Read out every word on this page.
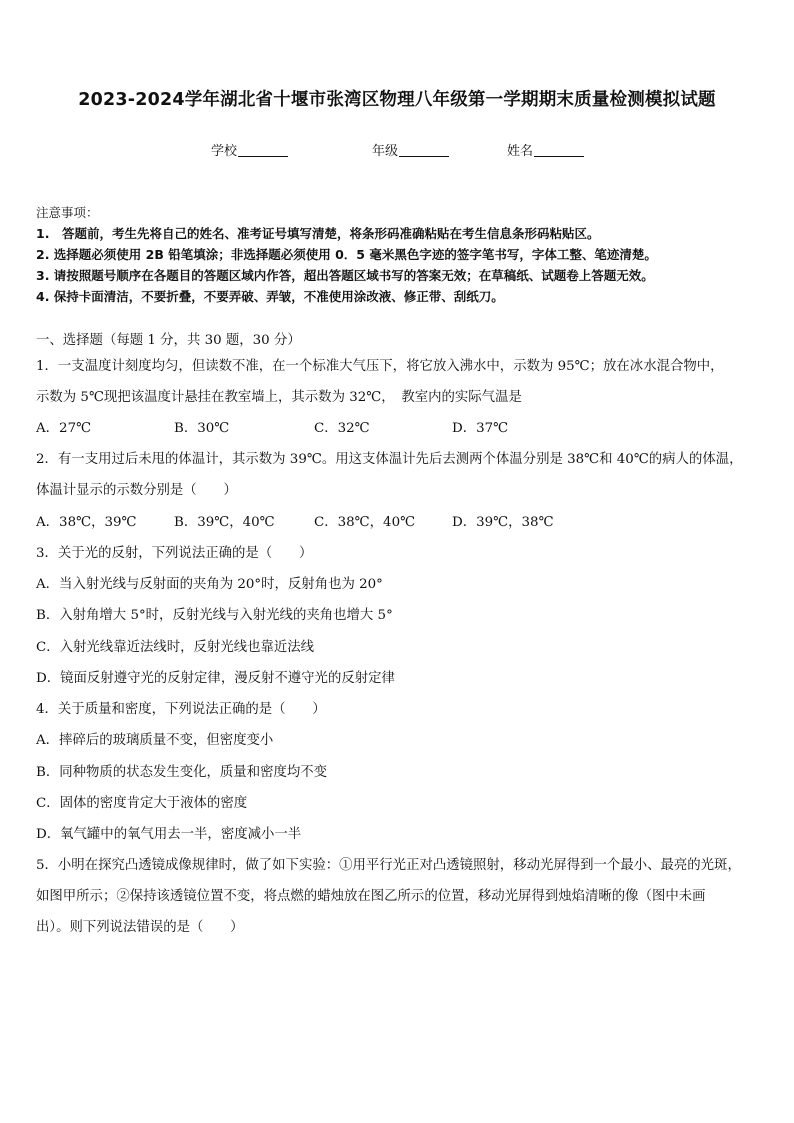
2023-2024学年湖北省十堰市张湾区物理八年级第一学期期末质量检测模拟试题
学校	年级	姓名
注意事项：
1.　答题前，考生先将自己的姓名、准考证号填写清楚，将条形码准确粘贴在考生信息条形码粘贴区。
2. 选择题必须使用 2B 铅笔填涂；非选择题必须使用 0．5 毫米黑色字迹的签字笔书写，字体工整、笔迹清楚。
3. 请按照题号顺序在各题目的答题区域内作答，超出答题区域书写的答案无效；在草稿纸、试题卷上答题无效。
4. 保持卡面清洁，不要折叠，不要弄破、弄皱，不准使用涂改液、修正带、刮纸刀。
一、选择题（每题 1 分，共 30 题，30 分）
1．一支温度计刻度均匀，但读数不准，在一个标准大气压下，将它放入沸水中，示数为 95℃；放在冰水混合物中，
示数为 5℃现把该温度计悬挂在教室墙上，其示数为 32℃，　教室内的实际气温是
A．27℃	B．30℃	C．32℃	D．37℃
2．有一支用过后未甩的体温计，其示数为 39℃。用这支体温计先后去测两个体温分别是 38℃和 40℃的病人的体温，
体温计显示的示数分别是（　　）
A．38℃，39℃	B．39℃，40℃	C．38℃，40℃	D．39℃，38℃
3．关于光的反射，下列说法正确的是（　　）
A．当入射光线与反射面的夹角为 20°时，反射角也为 20°
B．入射角增大 5°时，反射光线与入射光线的夹角也增大 5°
C．入射光线靠近法线时，反射光线也靠近法线
D．镜面反射遵守光的反射定律，漫反射不遵守光的反射定律
4．关于质量和密度，下列说法正确的是（　　）
A．摔碎后的玻璃质量不变，但密度变小
B．同种物质的状态发生变化，质量和密度均不变
C．固体的密度肯定大于液体的密度
D．氧气罐中的氧气用去一半，密度减小一半
5．小明在探究凸透镜成像规律时，做了如下实验：①用平行光正对凸透镜照射，移动光屏得到一个最小、最亮的光斑，
如图甲所示；②保持该透镜位置不变，将点燃的蜡烛放在图乙所示的位置，移动光屏得到烛焰清晰的像（图中未画
出）。则下列说法错误的是（　　）
